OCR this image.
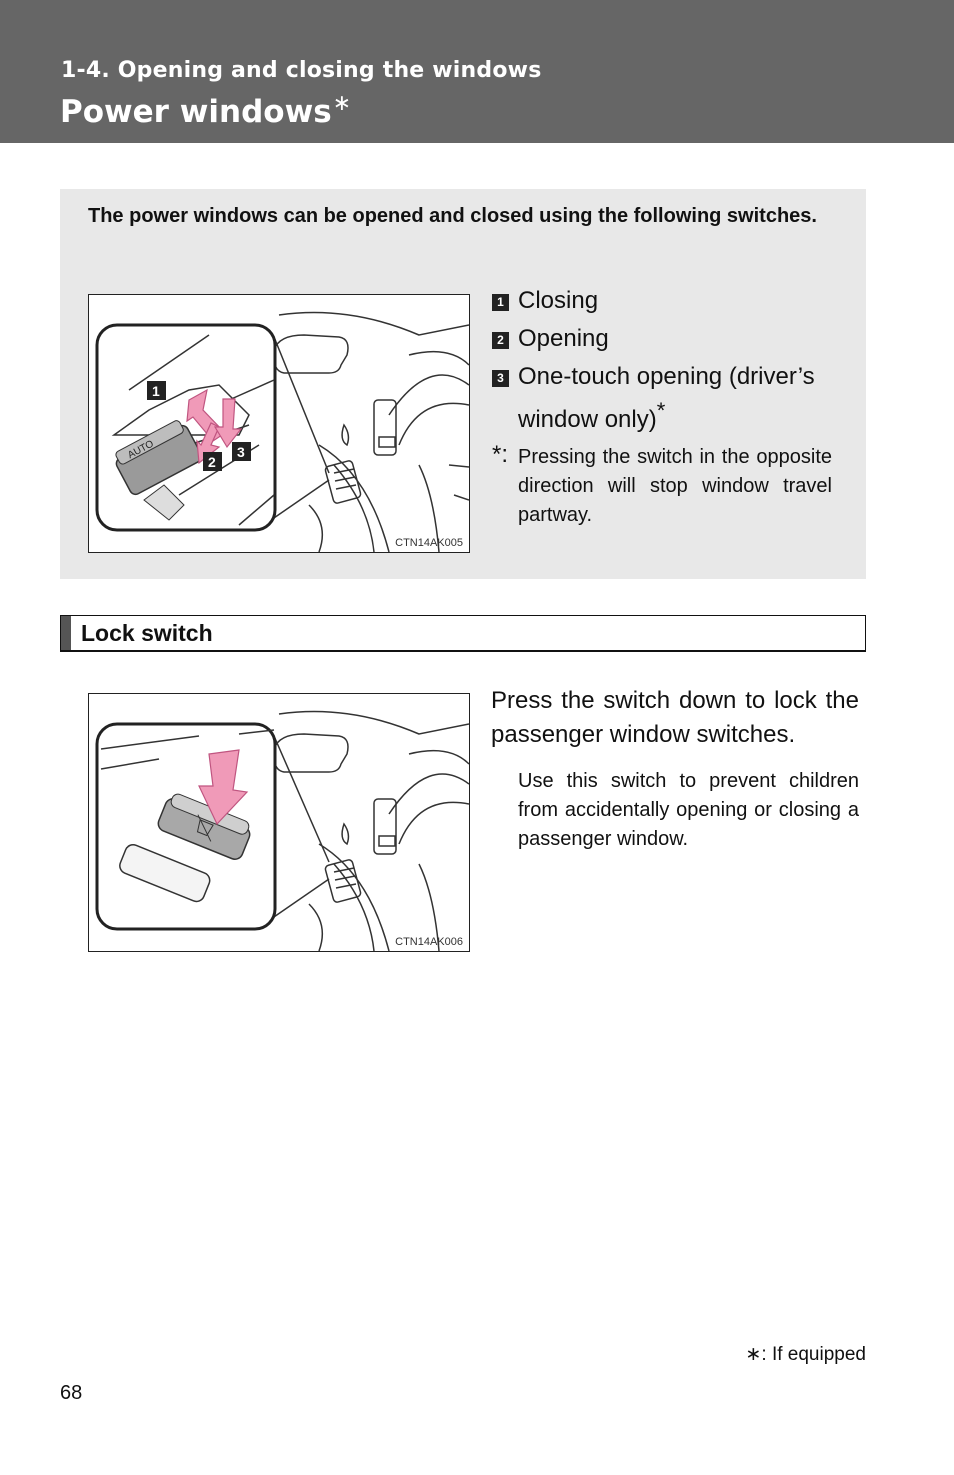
1-4. Opening and closing the windows
Power windows∗
The power windows can be opened and closed using the following switches.
AUTO
1
2
3
CTN14AK005
1 Closing
2 Opening
3 One-touch opening (driver’s window only)*
*: Pressing the switch in the opposite direction will stop window travel partway.
Lock switch
CTN14AK006
Press the switch down to lock the passenger window switches.
Use this switch to prevent children from accidentally opening or closing a passenger window.
∗: If equipped
68
